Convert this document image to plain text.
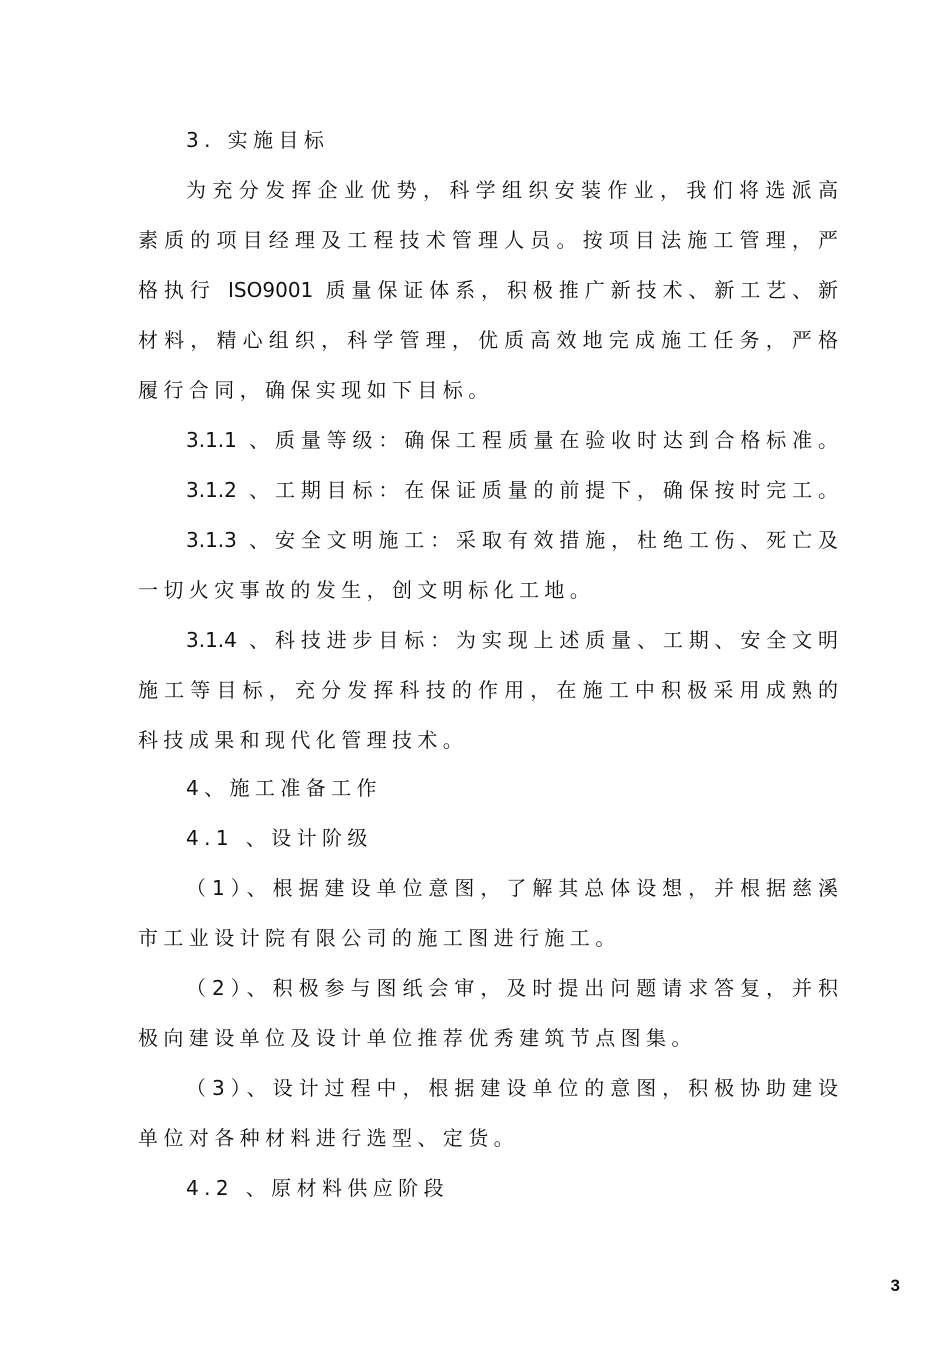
3. 实施目标
为充分发挥企业优势，科学组织安装作业，我们将选派高
素质的项目经理及工程技术管理人员。按项目法施工管理，严
格执行 ISO9001 质量保证体系，积极推广新技术、新工艺、新
材料，精心组织，科学管理，优质高效地完成施工任务，严格
履行合同，确保实现如下目标。
3.1.1 、质量等级：确保工程质量在验收时达到合格标准。
3.1.2 、工期目标：在保证质量的前提下，确保按时完工。
3.1.3 、安全文明施工：采取有效措施，杜绝工伤、死亡及
一切火灾事故的发生，创文明标化工地。
3.1.4 、科技进步目标：为实现上述质量、工期、安全文明
施工等目标，充分发挥科技的作用，在施工中积极采用成熟的
科技成果和现代化管理技术。
4、施工准备工作
4.1 、设计阶级
（1）、根据建设单位意图，了解其总体设想，并根据慈溪
市工业设计院有限公司的施工图进行施工。
（2）、积极参与图纸会审，及时提出问题请求答复，并积
极向建设单位及设计单位推荐优秀建筑节点图集。
（3）、设计过程中，根据建设单位的意图，积极协助建设
单位对各种材料进行选型、定货。
4.2 、原材料供应阶段
3
